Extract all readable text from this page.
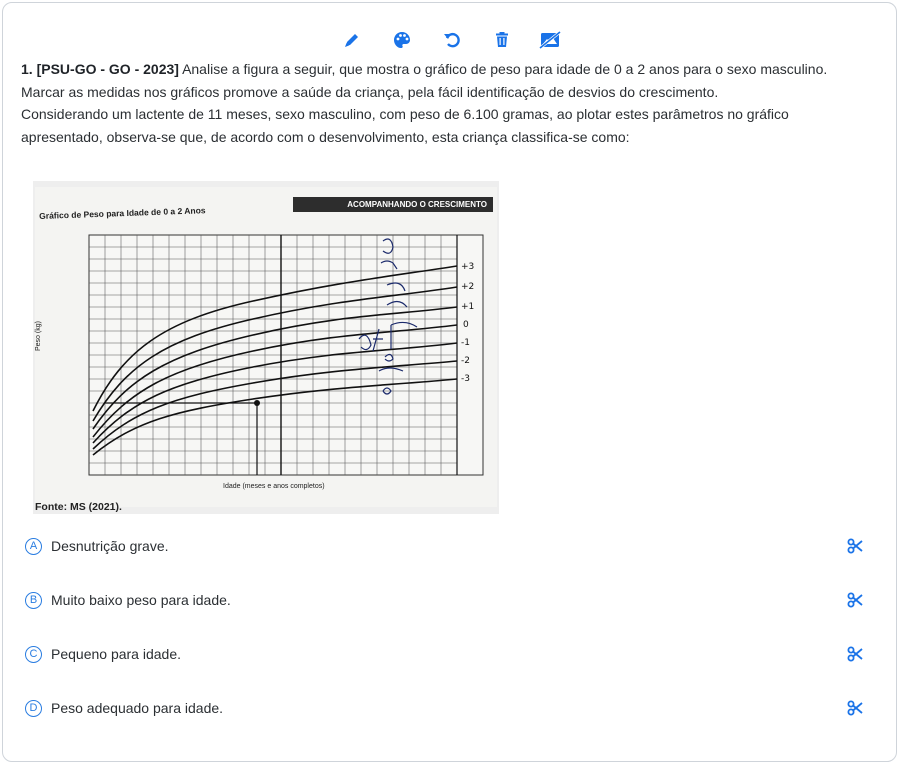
1. [PSU-GO - GO - 2023] Analise a figura a seguir, que mostra o gráfico de peso para idade de 0 a 2 anos para o sexo masculino.

Marcar as medidas nos gráficos promove a saúde da criança, pela fácil identificação de desvios do crescimento.

Considerando um lactente de 11 meses, sexo masculino, com peso de 6.100 gramas, ao plotar estes parâmetros no gráfico apresentado, observa-se que, de acordo com o desenvolvimento, esta criança classifica-se como:

ACOMPANHANDO O CRESCIMENTO
Gráfico de Peso para Idade de 0 a 2 Anos
+3
+2
+1
0
-1
-2
-3
Peso (kg)
Idade (meses e anos completos)
Fonte: MS (2021).
A Desnutrição grave.
B Muito baixo peso para idade.
C Pequeno para idade.
D Peso adequado para idade.
